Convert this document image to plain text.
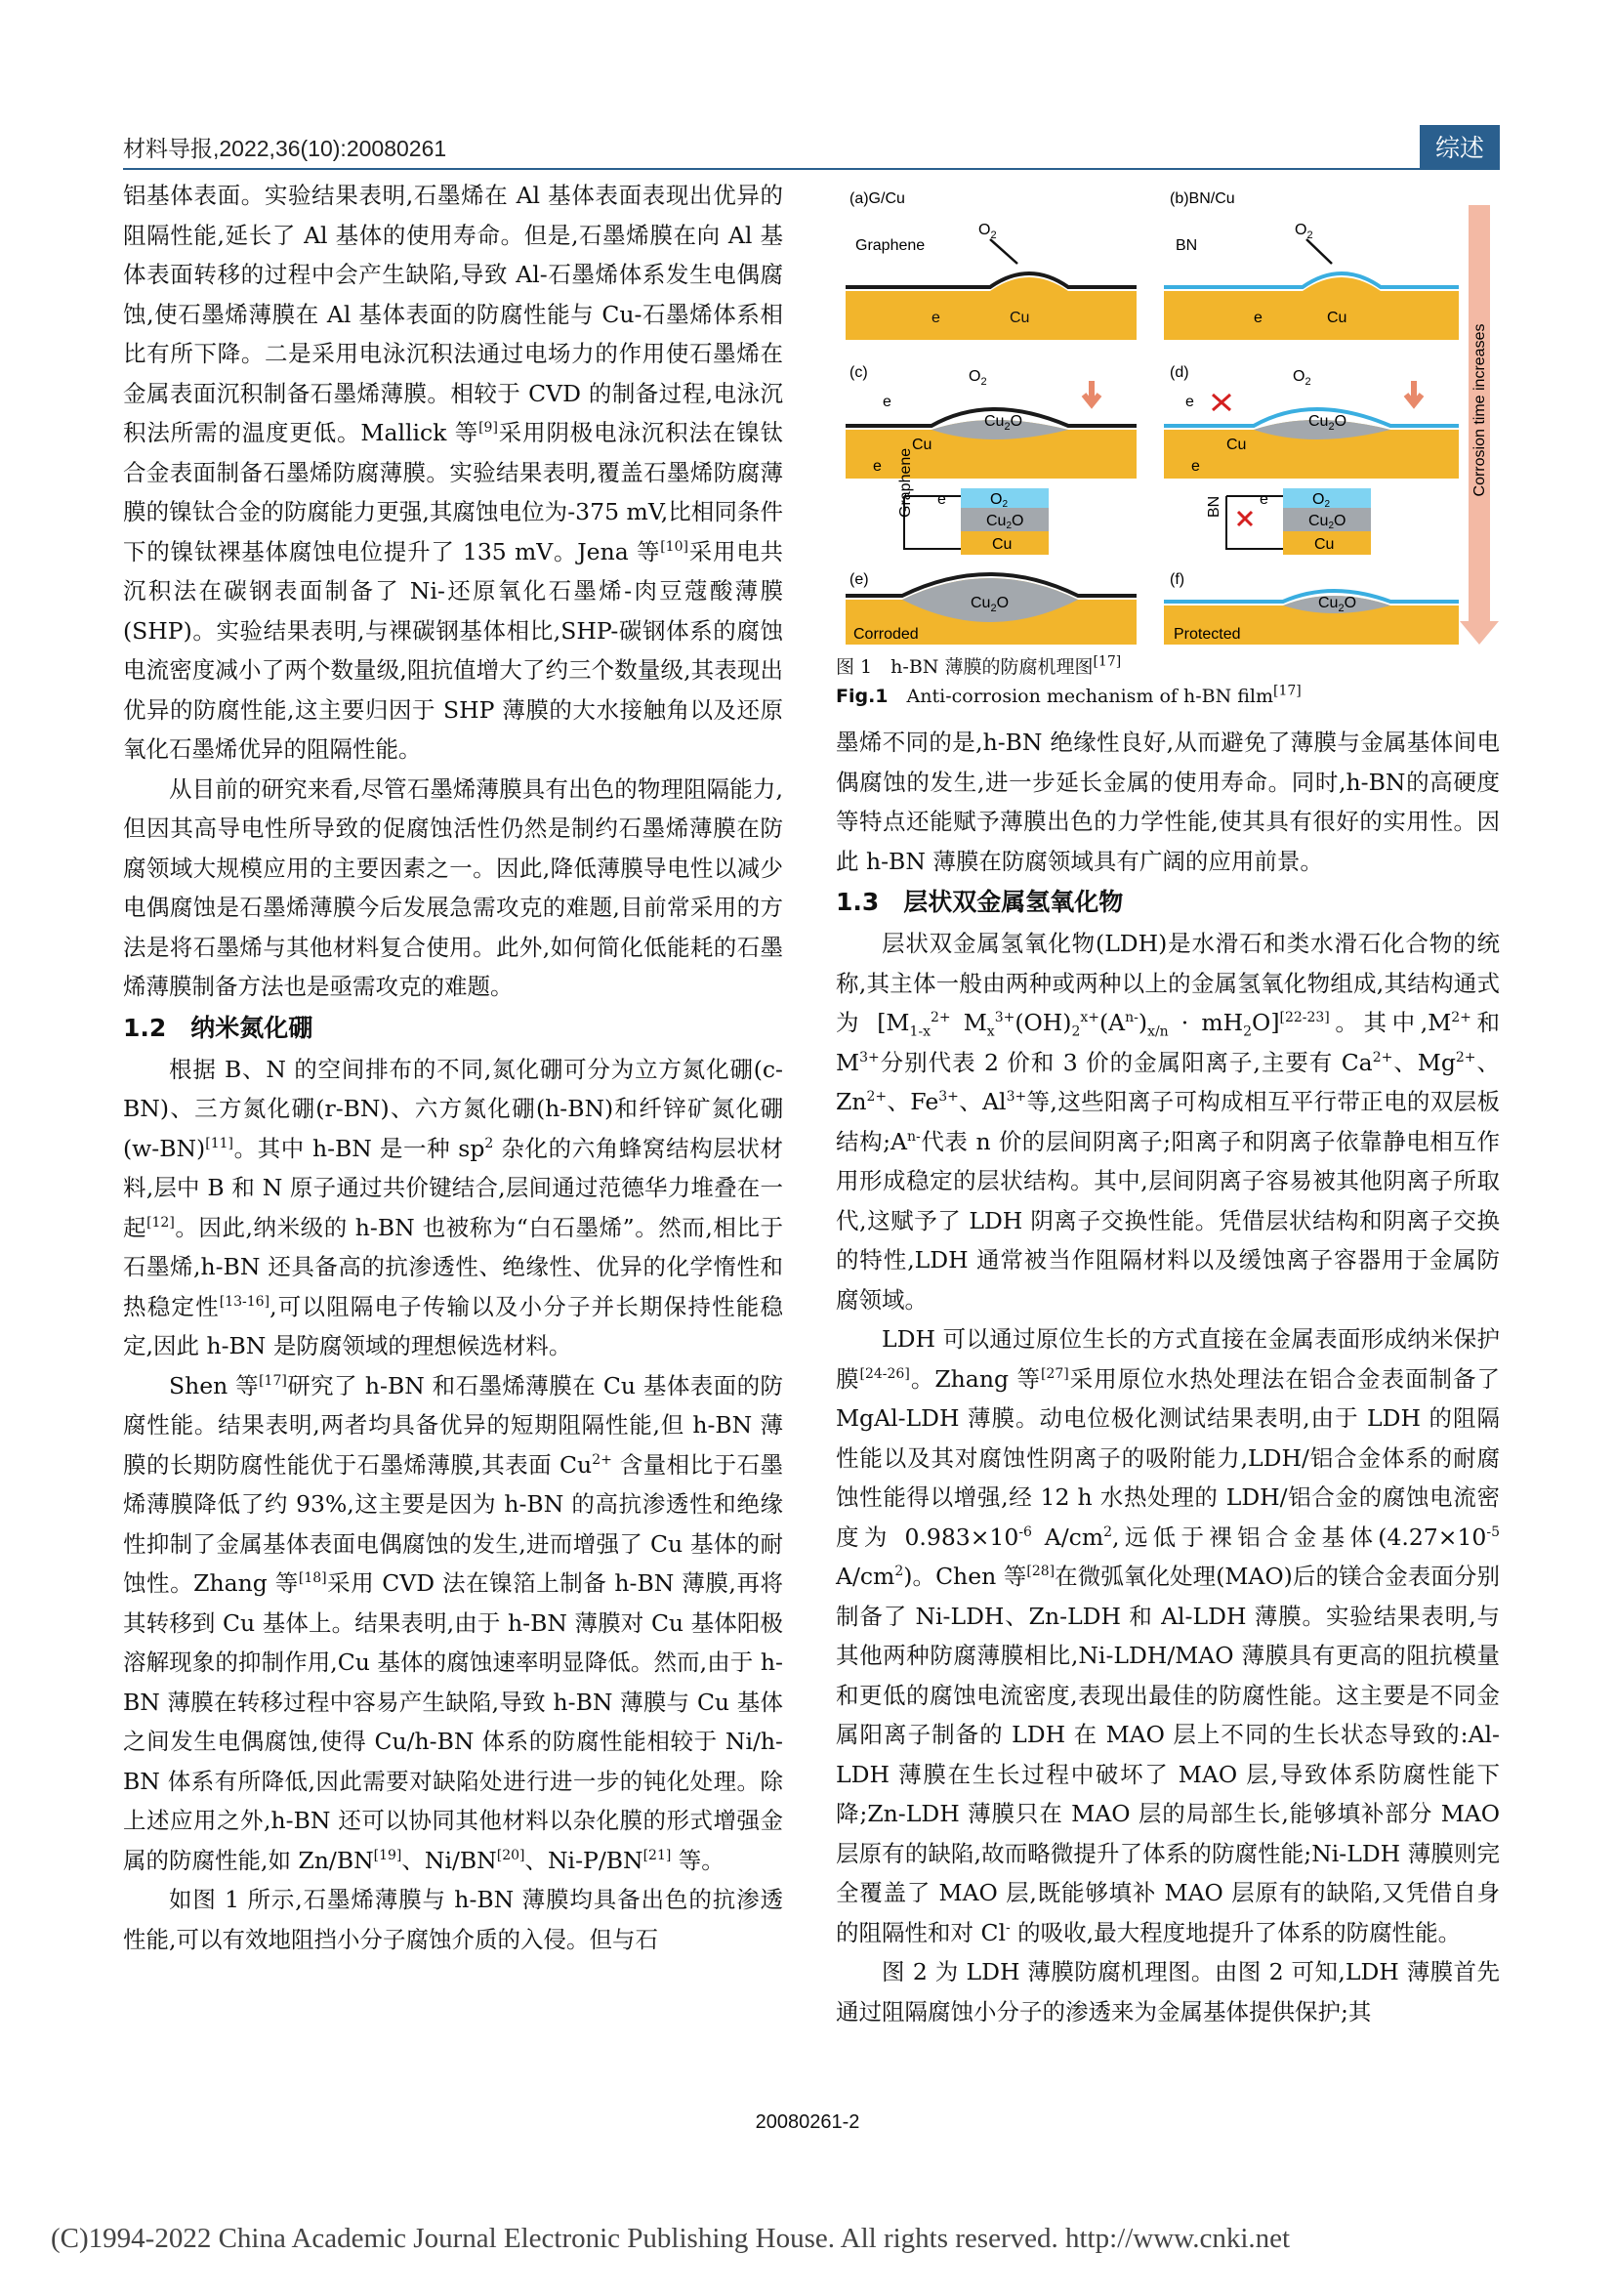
材料导报,2022,36(10):20080261	综述

铝基体表面。实验结果表明,石墨烯在 Al 基体表面表现出优异的阻隔性能,延长了 Al 基体的使用寿命。但是,石墨烯膜在向 Al 基体表面转移的过程中会产生缺陷,导致 Al-石墨烯体系发生电偶腐蚀,使石墨烯薄膜在 Al 基体表面的防腐性能与 Cu-石墨烯体系相比有所下降。二是采用电泳沉积法通过电场力的作用使石墨烯在金属表面沉积制备石墨烯薄膜。相较于 CVD 的制备过程,电泳沉积法所需的温度更低。Mallick 等[9]采用阴极电泳沉积法在镍钛合金表面制备石墨烯防腐薄膜。实验结果表明,覆盖石墨烯防腐薄膜的镍钛合金的防腐能力更强,其腐蚀电位为-375 mV,比相同条件下的镍钛裸基体腐蚀电位提升了 135 mV。Jena 等[10]采用电共沉积法在碳钢表面制备了 Ni-还原氧化石墨烯-肉豆蔻酸薄膜(SHP)。实验结果表明,与裸碳钢基体相比,SHP-碳钢体系的腐蚀电流密度减小了两个数量级,阻抗值增大了约三个数量级,其表现出优异的防腐性能,这主要归因于 SHP 薄膜的大水接触角以及还原氧化石墨烯优异的阻隔性能。

从目前的研究来看,尽管石墨烯薄膜具有出色的物理阻隔能力,但因其高导电性所导致的促腐蚀活性仍然是制约石墨烯薄膜在防腐领域大规模应用的主要因素之一。因此,降低薄膜导电性以减少电偶腐蚀是石墨烯薄膜今后发展急需攻克的难题,目前常采用的方法是将石墨烯与其他材料复合使用。此外,如何简化低能耗的石墨烯薄膜制备方法也是亟需攻克的难题。

1.2　纳米氮化硼

根据 B、N 的空间排布的不同,氮化硼可分为立方氮化硼(c-BN)、三方氮化硼(r-BN)、六方氮化硼(h-BN)和纤锌矿氮化硼(w-BN)[11]。其中 h-BN 是一种 $sp^2$ 杂化的六角蜂窝结构层状材料,层中 B 和 N 原子通过共价键结合,层间通过范德华力堆叠在一起[12]。因此,纳米级的 h-BN 也被称为“白石墨烯”。然而,相比于石墨烯,h-BN 还具备高的抗渗透性、绝缘性、优异的化学惰性和热稳定性[13-16],可以阻隔电子传输以及小分子并长期保持性能稳定,因此 h-BN 是防腐领域的理想候选材料。

Shen 等[17]研究了 h-BN 和石墨烯薄膜在 Cu 基体表面的防腐性能。结果表明,两者均具备优异的短期阻隔性能,但 h-BN 薄膜的长期防腐性能优于石墨烯薄膜,其表面 $Cu^{2+}$ 含量相比于石墨烯薄膜降低了约 93%,这主要是因为 h-BN 的高抗渗透性和绝缘性抑制了金属基体表面电偶腐蚀的发生,进而增强了 Cu 基体的耐蚀性。Zhang 等[18]采用 CVD 法在镍箔上制备 h-BN 薄膜,再将其转移到 Cu 基体上。结果表明,由于 h-BN 薄膜对 Cu 基体阳极溶解现象的抑制作用,Cu 基体的腐蚀速率明显降低。然而,由于 h-BN 薄膜在转移过程中容易产生缺陷,导致 h-BN 薄膜与 Cu 基体之间发生电偶腐蚀,使得 Cu/h-BN 体系的防腐性能相较于 Ni/h-BN 体系有所降低,因此需要对缺陷处进行进一步的钝化处理。除上述应用之外,h-BN 还可以协同其他材料以杂化膜的形式增强金属的防腐性能,如 Zn/BN[19]、Ni/BN[20]、Ni-P/BN[21] 等。

如图 1 所示,石墨烯薄膜与 h-BN 薄膜均具备出色的抗渗透性能,可以有效地阻挡小分子腐蚀介质的入侵。但与石

(a)G/Cu
Graphene
$O_2$
e	Cu
(b)BN/Cu
BN
$O_2$
e	Cu
(c)
$Cu_2O$
$O_2$
e
Cu
e
(d)
$Cu_2O$
$O_2$
e
Cu
e
O2
Cu2O
Cu
Graphene e	O2
Cu2O
Cu
BN e
(e)
$Cu_2O$
Corroded
(f)
$Cu_2O$
Protected
Corrosion time increases
图 1　 h-BN 薄膜的防腐机理图[17]
Fig.1　 Anti-corrosion mechanism of h-BN film[17]

墨烯不同的是,h-BN 绝缘性良好,从而避免了薄膜与金属基体间电偶腐蚀的发生,进一步延长金属的使用寿命。同时,h-BN的高硬度等特点还能赋予薄膜出色的力学性能,使其具有很好的实用性。因此 h-BN 薄膜在防腐领域具有广阔的应用前景。

1.3　层状双金属氢氧化物

层状双金属氢氧化物(LDH)是水滑石和类水滑石化合物的统称,其主体一般由两种或两种以上的金属氢氧化物组成,其结构通式为 [$M_{1-x}^{2+}$ $M_x^{3+}(OH)_2^{x+}(A^{n-})_{x/n} \cdot mH_2O][22-23]$。其中$,M^{2+}$和 $M^{3+}$分别代表 2 价和 3 价的金属阳离子,主要有 $Ca^{2+}$、$Mg^{2+}$、$Zn^{2+}$、$Fe^{3+}$、$Al^{3+}$等,这些阳离子可构成相互平行带正电的双层板结构$;A^{n-}$代表 n 价的层间阴离子;阳离子和阴离子依靠静电相互作用形成稳定的层状结构。其中,层间阴离子容易被其他阴离子所取代,这赋予了 LDH 阴离子交换性能。凭借层状结构和阴离子交换的特性,LDH 通常被当作阻隔材料以及缓蚀离子容器用于金属防腐领域。

LDH 可以通过原位生长的方式直接在金属表面形成纳米保护膜[24-26]。Zhang 等[27]采用原位水热处理法在铝合金表面制备了 MgAl-LDH 薄膜。动电位极化测试结果表明,由于 LDH 的阻隔性能以及其对腐蚀性阴离子的吸附能力,LDH/铝合金体系的耐腐蚀性能得以增强,经 12 h 水热处理的 LDH/铝合金的腐蚀电流密度为 $0.983\times 10^{-6}$ $A/cm^2$,远低于裸铝合金基体($4.27\times 10^{-5}$ $A/cm^2$)。Chen 等[28]在微弧氧化处理(MAO)后的镁合金表面分别制备了 Ni-LDH、Zn-LDH 和 Al-LDH 薄膜。实验结果表明,与其他两种防腐薄膜相比,Ni-LDH/MAO 薄膜具有更高的阻抗模量和更低的腐蚀电流密度,表现出最佳的防腐性能。这主要是不同金属阳离子制备的 LDH 在 MAO 层上不同的生长状态导致的:Al-LDH 薄膜在生长过程中破坏了 MAO 层,导致体系防腐性能下降;Zn-LDH 薄膜只在 MAO 层的局部生长,能够填补部分 MAO 层原有的缺陷,故而略微提升了体系的防腐性能;Ni-LDH 薄膜则完全覆盖了 MAO 层,既能够填补 MAO 层原有的缺陷,又凭借自身的阻隔性和对 Cl- 的吸收,最大程度地提升了体系的防腐性能。

图 2 为 LDH 薄膜防腐机理图。由图 2 可知,LDH 薄膜首先通过阻隔腐蚀小分子的渗透来为金属基体提供保护;其

20080261-2
(C)1994-2022 China Academic Journal Electronic Publishing House. All rights reserved. http://www.cnki.net
